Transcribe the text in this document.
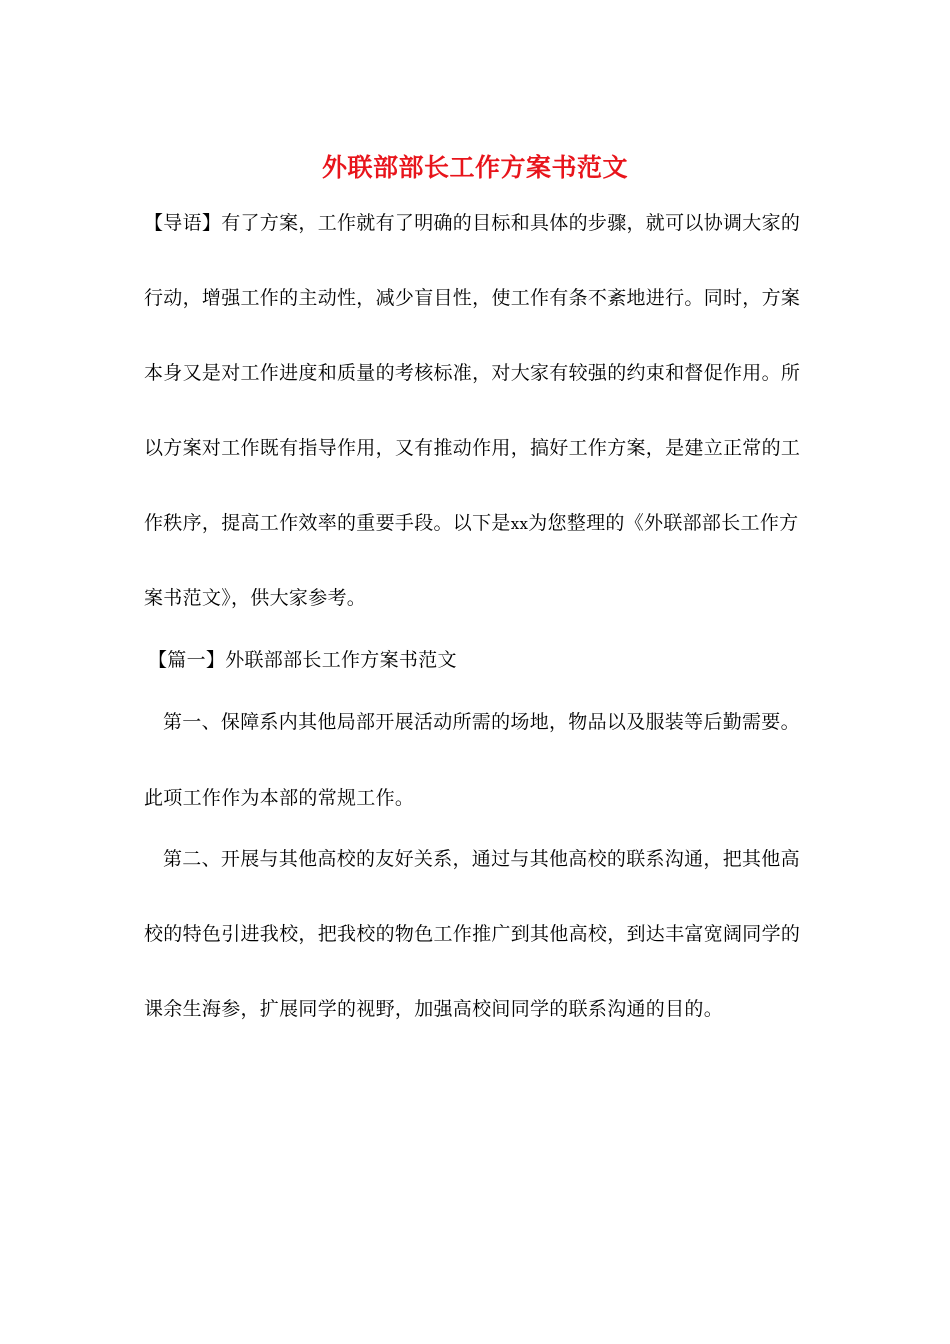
外联部部长工作方案书范文
【导语】有了方案，工作就有了明确的目标和具体的步骤，就可以协调大家的
行动，增强工作的主动性，减少盲目性，使工作有条不紊地进行。同时，方案
本身又是对工作进度和质量的考核标准，对大家有较强的约束和督促作用。所
以方案对工作既有指导作用，又有推动作用，搞好工作方案，是建立正常的工
作秩序，提高工作效率的重要手段。以下是xx为您整理的《外联部部长工作方
案书范文》，供大家参考。
【篇一】外联部部长工作方案书范文
第一、保障系内其他局部开展活动所需的场地，物品以及服装等后勤需要。
此项工作作为本部的常规工作。
第二、开展与其他高校的友好关系，通过与其他高校的联系沟通，把其他高
校的特色引进我校，把我校的物色工作推广到其他高校，到达丰富宽阔同学的
课余生海参，扩展同学的视野，加强高校间同学的联系沟通的目的。
